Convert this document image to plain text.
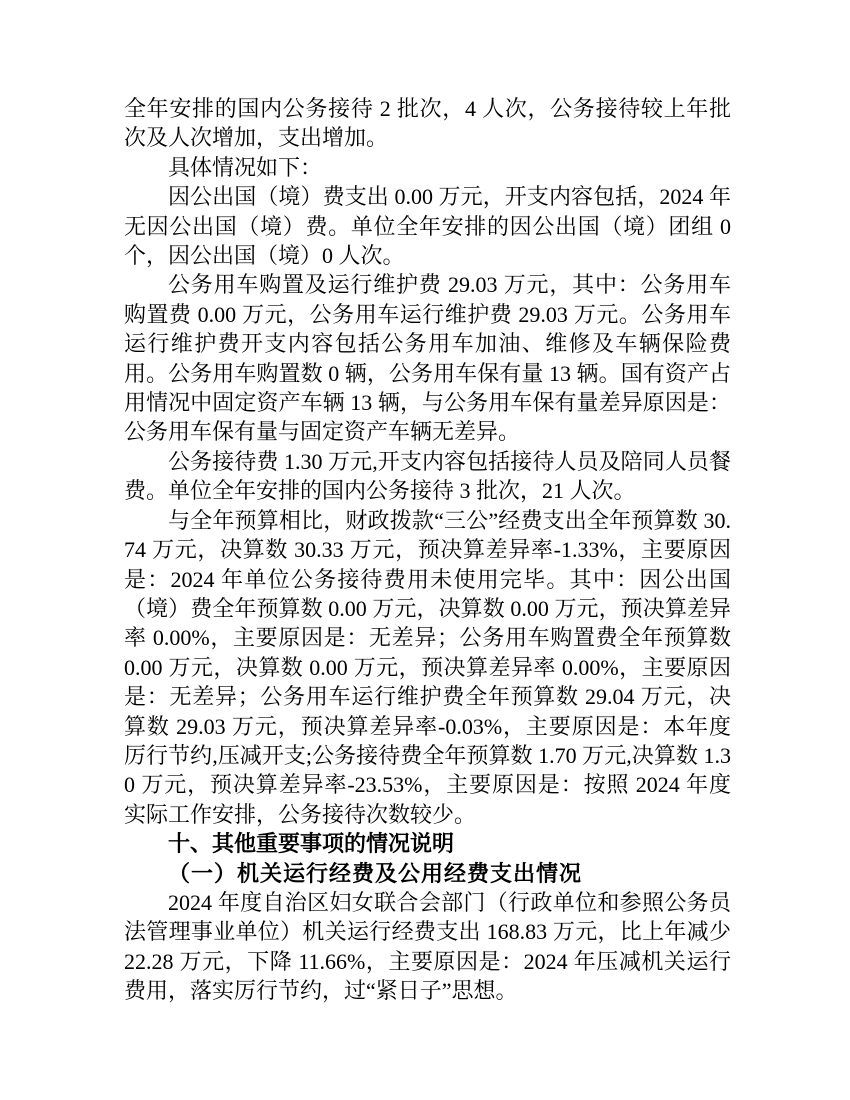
全年安排的国内公务接待 2 批次，4 人次，公务接待较上年批次及人次增加，支出增加。

具体情况如下：

因公出国（境）费支出 0.00 万元，开支内容包括，2024 年无因公出国（境）费。单位全年安排的因公出国（境）团组 0 个，因公出国（境）0 人次。

公务用车购置及运行维护费 29.03 万元，其中：公务用车购置费 0.00 万元，公务用车运行维护费 29.03 万元。公务用车运行维护费开支内容包括公务用车加油、维修及车辆保险费用。公务用车购置数 0 辆，公务用车保有量 13 辆。国有资产占用情况中固定资产车辆 13 辆，与公务用车保有量差异原因是：公务用车保有量与固定资产车辆无差异。

公务接待费 1.30 万元,开支内容包括接待人员及陪同人员餐费。单位全年安排的国内公务接待 3 批次，21 人次。

与全年预算相比，财政拨款“三公”经费支出全年预算数 30.74 万元，决算数 30.33 万元，预决算差异率-1.33%，主要原因是：2024 年单位公务接待费用未使用完毕。其中：因公出国（境）费全年预算数 0.00 万元，决算数 0.00 万元，预决算差异率 0.00%，主要原因是：无差异；公务用车购置费全年预算数 0.00 万元，决算数 0.00 万元，预决算差异率 0.00%，主要原因是：无差异；公务用车运行维护费全年预算数 29.04 万元，决算数 29.03 万元，预决算差异率-0.03%，主要原因是：本年度厉行节约,压减开支;公务接待费全年预算数 1.70 万元,决算数 1.30 万元，预决算差异率-23.53%，主要原因是：按照 2024 年度实际工作安排，公务接待次数较少。

十、其他重要事项的情况说明

（一）机关运行经费及公用经费支出情况

2024 年度自治区妇女联合会部门（行政单位和参照公务员法管理事业单位）机关运行经费支出 168.83 万元，比上年减少 22.28 万元，下降 11.66%，主要原因是：2024 年压减机关运行费用，落实厉行节约，过“紧日子”思想。
